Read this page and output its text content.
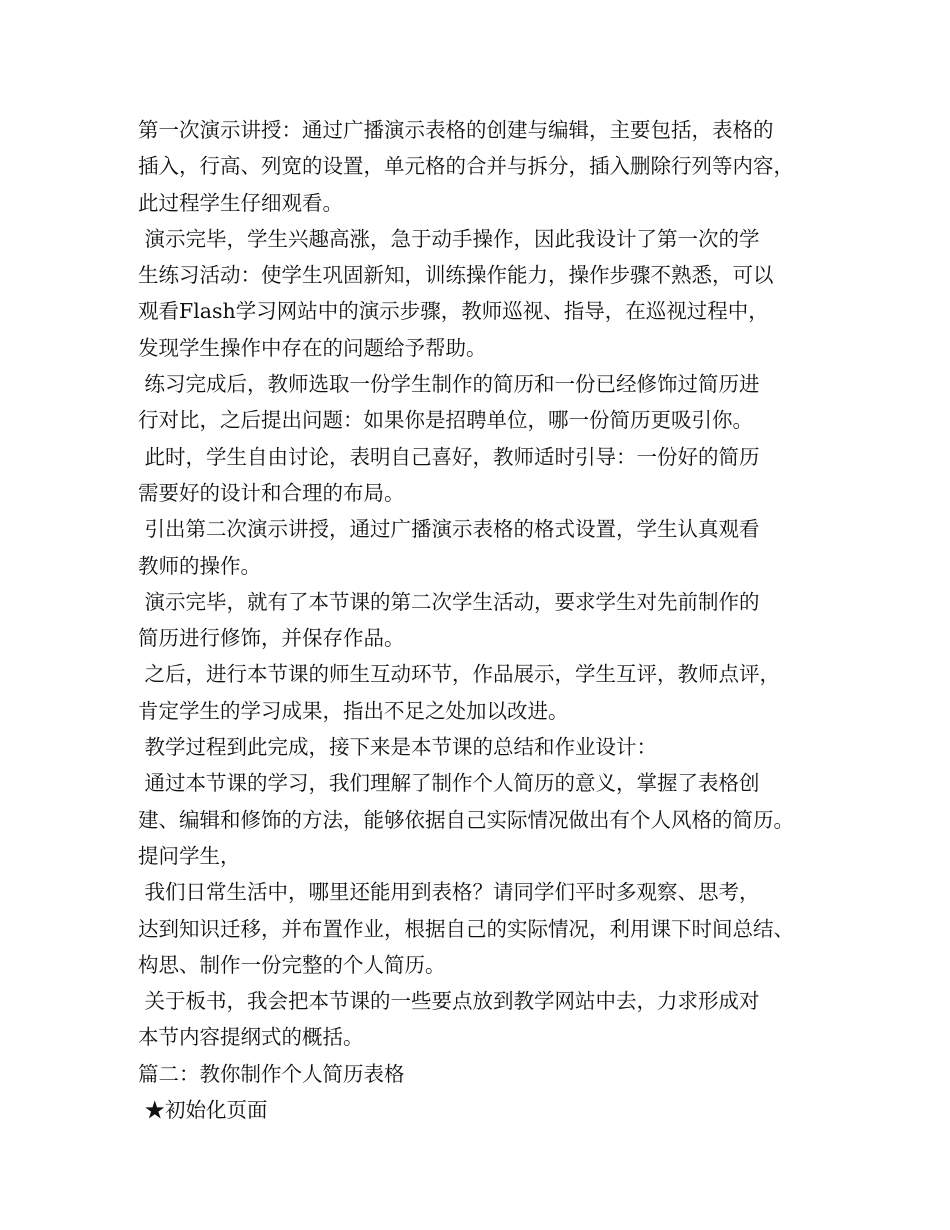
第一次演示讲授：通过广播演示表格的创建与编辑，主要包括，表格的
插入，行高、列宽的设置，单元格的合并与拆分，插入删除行列等内容，
此过程学生仔细观看。
演示完毕，学生兴趣高涨，急于动手操作，因此我设计了第一次的学
生练习活动：使学生巩固新知，训练操作能力，操作步骤不熟悉，可以
观看Flash学习网站中的演示步骤，教师巡视、指导，在巡视过程中，
发现学生操作中存在的问题给予帮助。
练习完成后，教师选取一份学生制作的简历和一份已经修饰过简历进
行对比，之后提出问题：如果你是招聘单位，哪一份简历更吸引你。
此时，学生自由讨论，表明自己喜好，教师适时引导：一份好的简历
需要好的设计和合理的布局。
引出第二次演示讲授，通过广播演示表格的格式设置，学生认真观看
教师的操作。
演示完毕，就有了本节课的第二次学生活动，要求学生对先前制作的
简历进行修饰，并保存作品。
之后，进行本节课的师生互动环节，作品展示，学生互评，教师点评，
肯定学生的学习成果，指出不足之处加以改进。
教学过程到此完成，接下来是本节课的总结和作业设计：
通过本节课的学习，我们理解了制作个人简历的意义，掌握了表格创
建、编辑和修饰的方法，能够依据自己实际情况做出有个人风格的简历。
提问学生，
我们日常生活中，哪里还能用到表格？请同学们平时多观察、思考，
达到知识迁移，并布置作业，根据自己的实际情况，利用课下时间总结、
构思、制作一份完整的个人简历。
关于板书，我会把本节课的一些要点放到教学网站中去，力求形成对
本节内容提纲式的概括。
篇二：教你制作个人简历表格
★初始化页面
